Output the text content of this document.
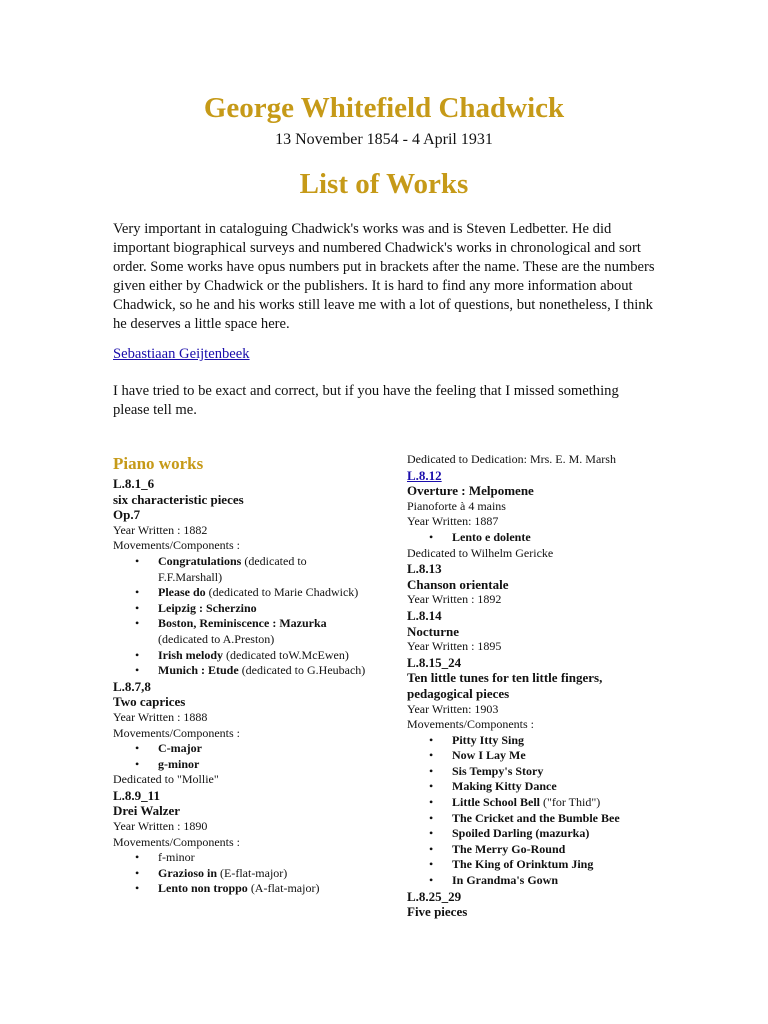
George Whitefield Chadwick

13 November 1854 - 4 April 1931

List of Works

Very important in cataloguing Chadwick's works was and is Steven Ledbetter. He did important biographical surveys and numbered Chadwick's works in chronological and sort order. Some works have opus numbers put in brackets after the name. These are the numbers given either by Chadwick or the publishers. It is hard to find any more information about Chadwick, so he and his works still leave me with a lot of questions, but nonetheless, I think he deserves a little space here.

Sebastiaan Geijtenbeek

I have tried to be exact and correct, but if you have the feeling that I missed something please tell me.

Piano works
L.8.1_6
six characteristic pieces
Op.7
Year Written : 1882
Movements/Components :
• Congratulations (dedicated to F.F.Marshall)
• Please do (dedicated to Marie Chadwick)
• Leipzig : Scherzino
• Boston, Reminiscence : Mazurka (dedicated to A.Preston)
• Irish melody (dedicated toW.McEwen)
• Munich : Etude (dedicated to G.Heubach)
L.8.7,8
Two caprices
Year Written : 1888
Movements/Components :
• C-major
• g-minor
Dedicated to "Mollie"
L.8.9_11
Drei Walzer
Year Written : 1890
Movements/Components :
• f-minor
• Grazioso in (E-flat-major)
• Lento non troppo (A-flat-major)
Dedicated to Dedication: Mrs. E. M. Marsh
L.8.12
Overture : Melpomene
Pianoforte à 4 mains
Year Written: 1887
• Lento e dolente
Dedicated to Wilhelm Gericke
L.8.13
Chanson orientale
Year Written : 1892
L.8.14
Nocturne
Year Written : 1895
L.8.15_24
Ten little tunes for ten little fingers, pedagogical pieces
Year Written: 1903
Movements/Components :
• Pitty Itty Sing
• Now I Lay Me
• Sis Tempy's Story
• Making Kitty Dance
• Little School Bell ("for Thid")
• The Cricket and the Bumble Bee
• Spoiled Darling (mazurka)
• The Merry Go-Round
• The King of Orinktum Jing
• In Grandma's Gown
L.8.25_29
Five pieces
